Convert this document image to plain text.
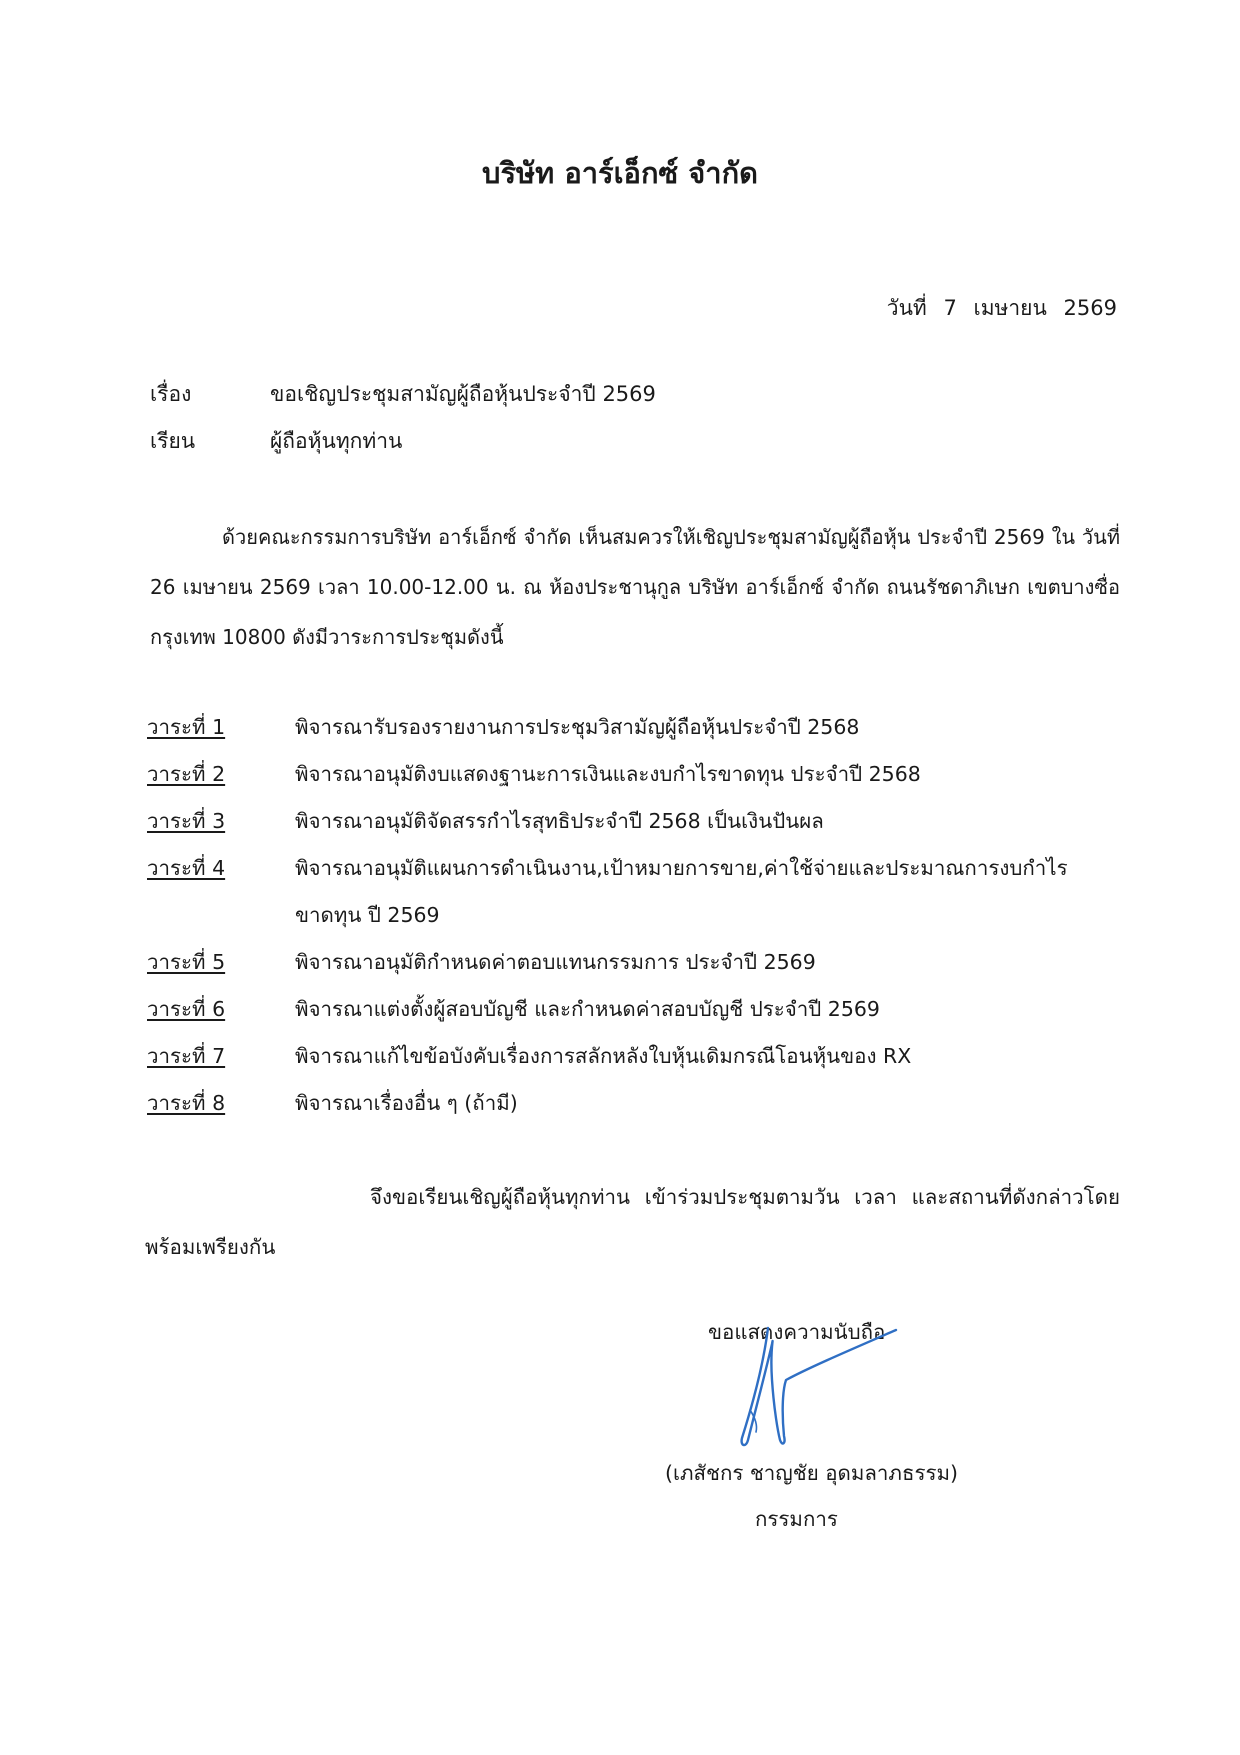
บริษัท อาร์เอ็กซ์ จำกัด
วันที่ 7 เมษายน 2569
เรื่อง	ขอเชิญประชุมสามัญผู้ถือหุ้นประจำปี 2569
เรียน	ผู้ถือหุ้นทุกท่าน
ด้วยคณะกรรมการบริษัท อาร์เอ็กซ์ จำกัด เห็นสมควรให้เชิญประชุมสามัญผู้ถือหุ้น ประจำปี 2569 ใน วันที่ 26 เมษายน 2569 เวลา 10.00-12.00 น. ณ ห้องประชานุกูล บริษัท อาร์เอ็กซ์ จำกัด ถนนรัชดาภิเษก เขตบางซื่อ กรุงเทพ 10800 ดังมีวาระการประชุมดังนี้
วาระที่ 1	พิจารณารับรองรายงานการประชุมวิสามัญผู้ถือหุ้นประจำปี 2568
วาระที่ 2	พิจารณาอนุมัติงบแสดงฐานะการเงินและงบกำไรขาดทุน ประจำปี 2568
วาระที่ 3	พิจารณาอนุมัติจัดสรรกำไรสุทธิประจำปี 2568 เป็นเงินปันผล
วาระที่ 4	พิจารณาอนุมัติแผนการดำเนินงาน,เป้าหมายการขาย,ค่าใช้จ่ายและประมาณการงบกำไรขาดทุน ปี 2569
วาระที่ 5	พิจารณาอนุมัติกำหนดค่าตอบแทนกรรมการ ประจำปี 2569
วาระที่ 6	พิจารณาแต่งตั้งผู้สอบบัญชี และกำหนดค่าสอบบัญชี ประจำปี 2569
วาระที่ 7	พิจารณาแก้ไขข้อบังคับเรื่องการสลักหลังใบหุ้นเดิมกรณีโอนหุ้นของ RX
วาระที่ 8	พิจารณาเรื่องอื่น ๆ (ถ้ามี)
จึงขอเรียนเชิญผู้ถือหุ้นทุกท่าน เข้าร่วมประชุมตามวัน เวลา และสถานที่ดังกล่าวโดย พร้อมเพรียงกัน
ขอแสดงความนับถือ
(เภสัชกร ชาญชัย อุดมลาภธรรม)
กรรมการ
